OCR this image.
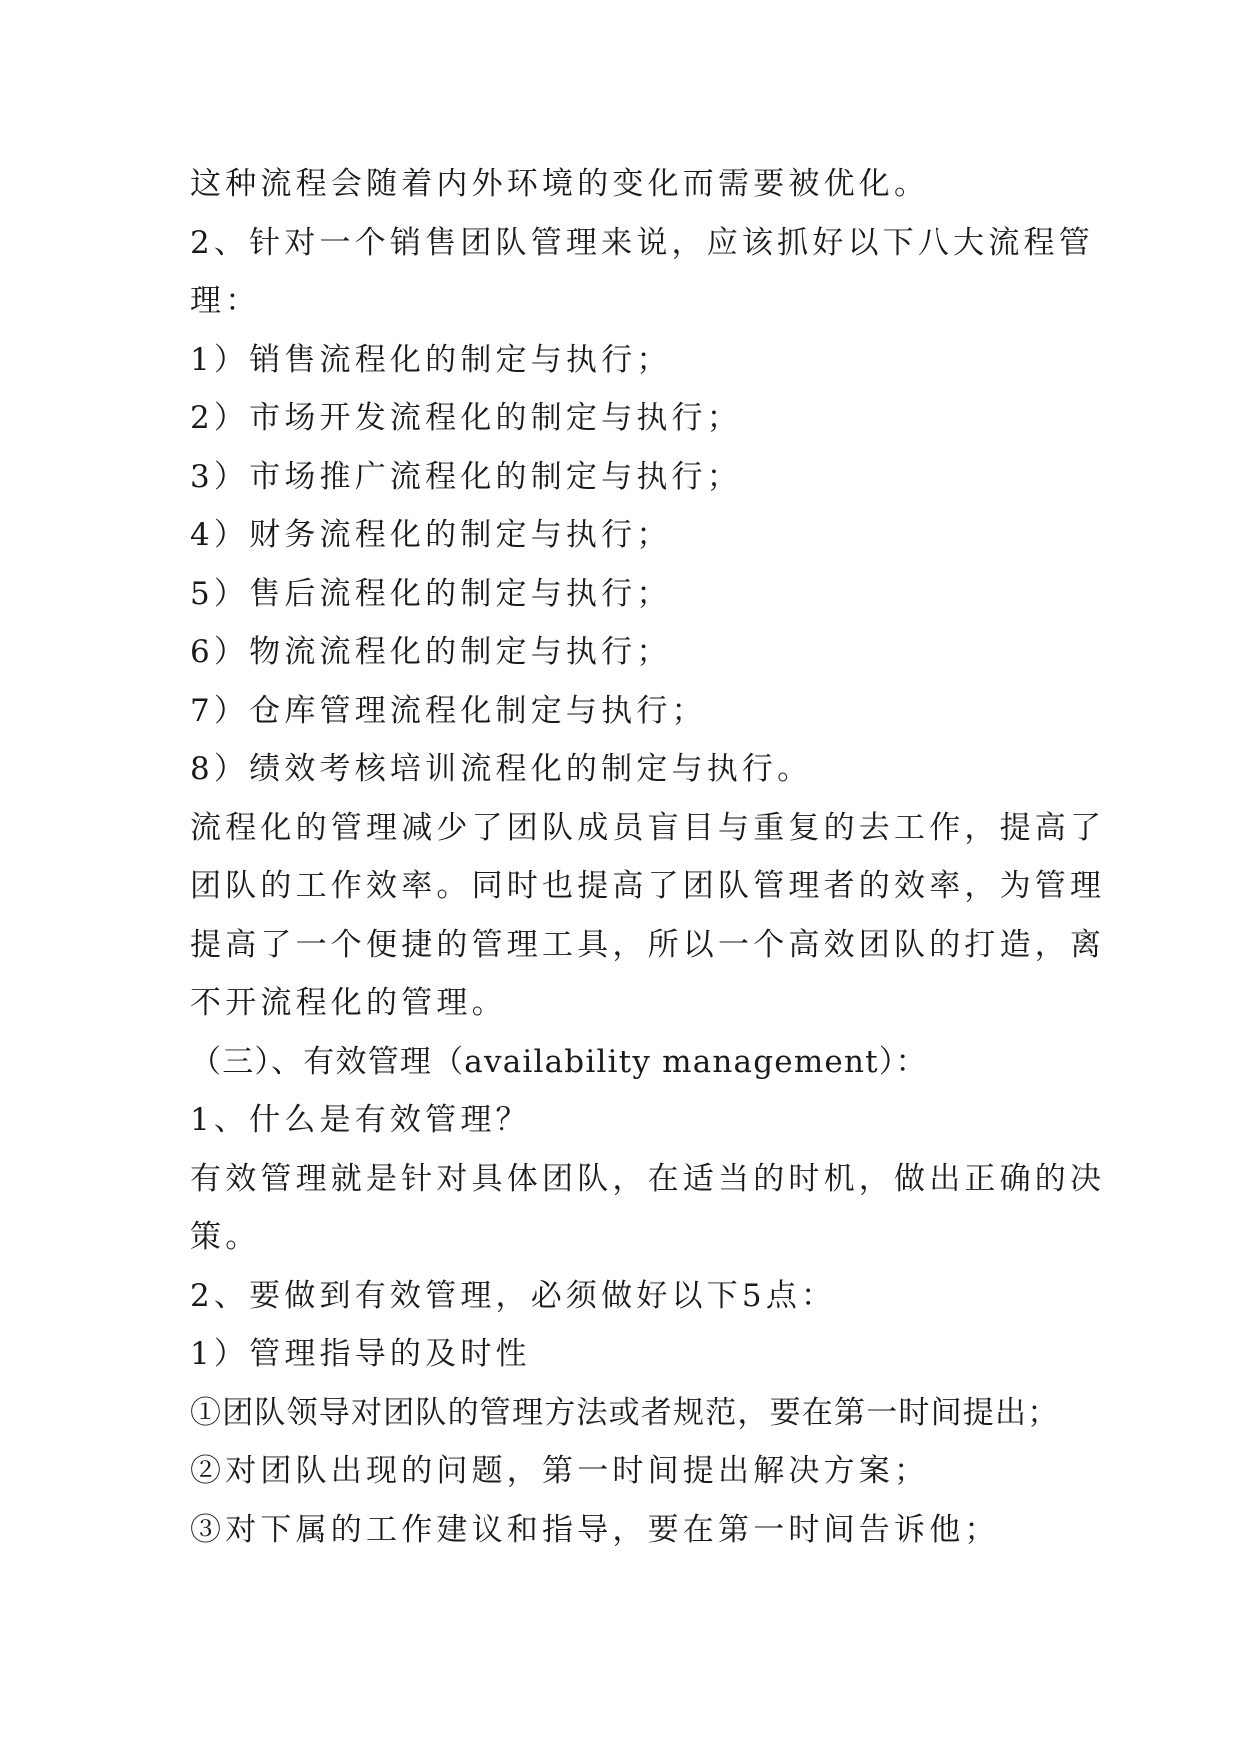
这种流程会随着内外环境的变化而需要被优化。
2、针对一个销售团队管理来说，应该抓好以下八大流程管
理：
1）销售流程化的制定与执行；
2）市场开发流程化的制定与执行；
3）市场推广流程化的制定与执行；
4）财务流程化的制定与执行；
5）售后流程化的制定与执行；
6）物流流程化的制定与执行；
7）仓库管理流程化制定与执行；
8）绩效考核培训流程化的制定与执行。
流程化的管理减少了团队成员盲目与重复的去工作，提高了
团队的工作效率。同时也提高了团队管理者的效率，为管理
提高了一个便捷的管理工具，所以一个高效团队的打造，离
不开流程化的管理。
（三）、有效管理（availability management）：
1、什么是有效管理？
有效管理就是针对具体团队，在适当的时机，做出正确的决
策。
2、要做到有效管理，必须做好以下5点：
1）管理指导的及时性
①团队领导对团队的管理方法或者规范，要在第一时间提出；
②对团队出现的问题，第一时间提出解决方案；
③对下属的工作建议和指导，要在第一时间告诉他；
